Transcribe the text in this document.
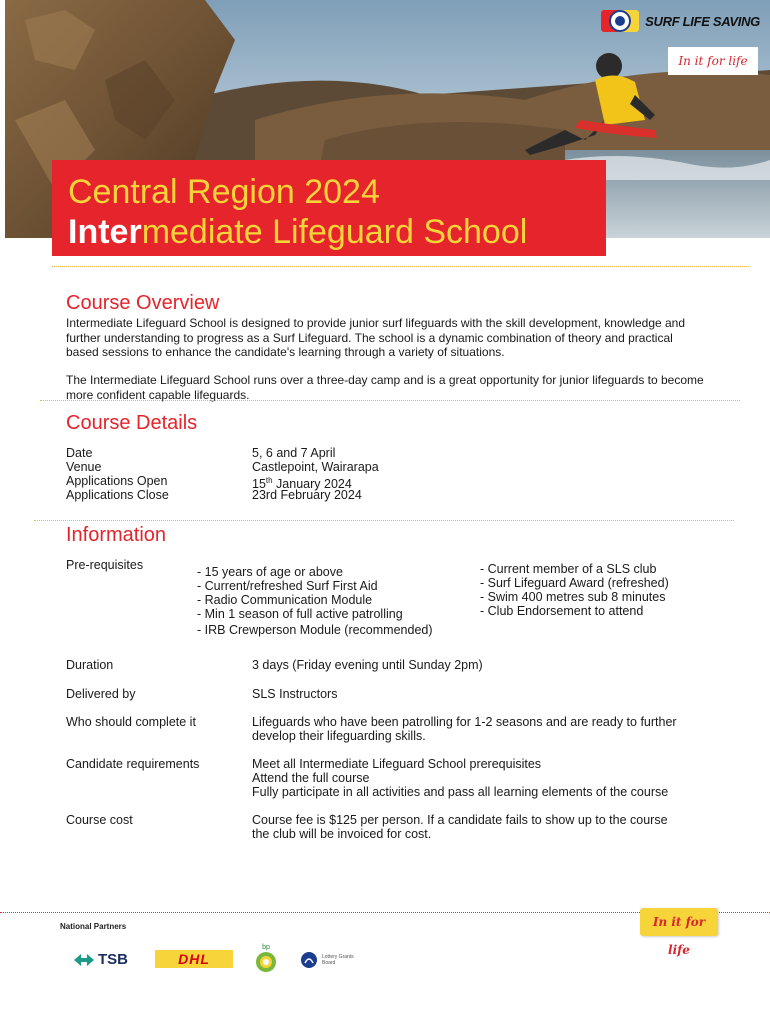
SURF LIFE SAVING
In it for life
Central Region 2024
Intermediate Lifeguard School
Course Overview

Intermediate Lifeguard School is designed to provide junior surf lifeguards with the skill development, knowledge and further understanding to progress as a Surf Lifeguard. The school is a dynamic combination of theory and practical based sessions to enhance the candidate's learning through a variety of situations.

The Intermediate Lifeguard School runs over a three-day camp and is a great opportunity for junior lifeguards to become more confident capable lifeguards.

Course Details
Date	5, 6 and 7 April
Venue	Castlepoint, Wairarapa
Applications Open	15th January 2024
Applications Close	23rd February 2024
Information
Pre-requisites	- 15 years of age or above
- Current/refreshed Surf First Aid
- Radio Communication Module
- Min 1 season of full active patrolling
- IRB Crewperson Module (recommended)
- Current member of a SLS club
- Surf Lifeguard Award (refreshed)
- Swim 400 metres sub 8 minutes
- Club Endorsement to attend
Duration	3 days (Friday evening until Sunday 2pm)
Delivered by	SLS Instructors
Who should complete it	Lifeguards who have been patrolling for 1-2 seasons and are ready to further
develop their lifeguarding skills.
Candidate requirements	Meet all Intermediate Lifeguard School prerequisites
Attend the full course
Fully participate in all activities and pass all learning elements of the course
Course cost	Course fee is $125 per person. If a candidate fails to show up to the course
the club will be invoiced for cost.
National Partners	In it for life
TSB	DHL
bp
Lottery Grants Board
